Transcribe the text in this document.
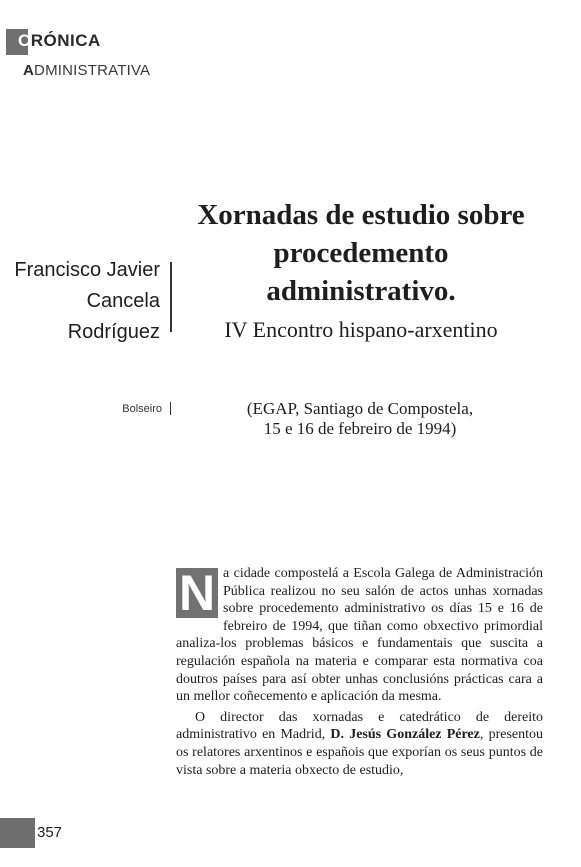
CRÓNICA
ADMINISTRATIVA
Francisco Javier
Cancela
Rodríguez
Xornadas de estudio sobre procedemento administrativo.
IV Encontro hispano-arxentino
Bolseiro	(EGAP, Santiago de Compostela,
15 e 16 de febreiro de 1994)

N a cidade compostelá a Escola Galega de Administración Pública realizou no seu salón de actos unhas xornadas sobre procedemento administrativo os días 15 e 16 de febreiro de 1994, que tiñan como obxectivo primordial analiza-los problemas básicos e fundamentais que suscita a regulación española na materia e comparar esta normativa coa doutros países para así obter unhas conclusións prácticas cara a un mellor coñecemento e aplicación da mesma.

O director das xornadas e catedrático de dereito administrativo en Madrid, D. Jesús González Pérez, presentou os relatores arxentinos e españois que exporían os seus puntos de vista sobre a materia obxecto de estudio,

357
